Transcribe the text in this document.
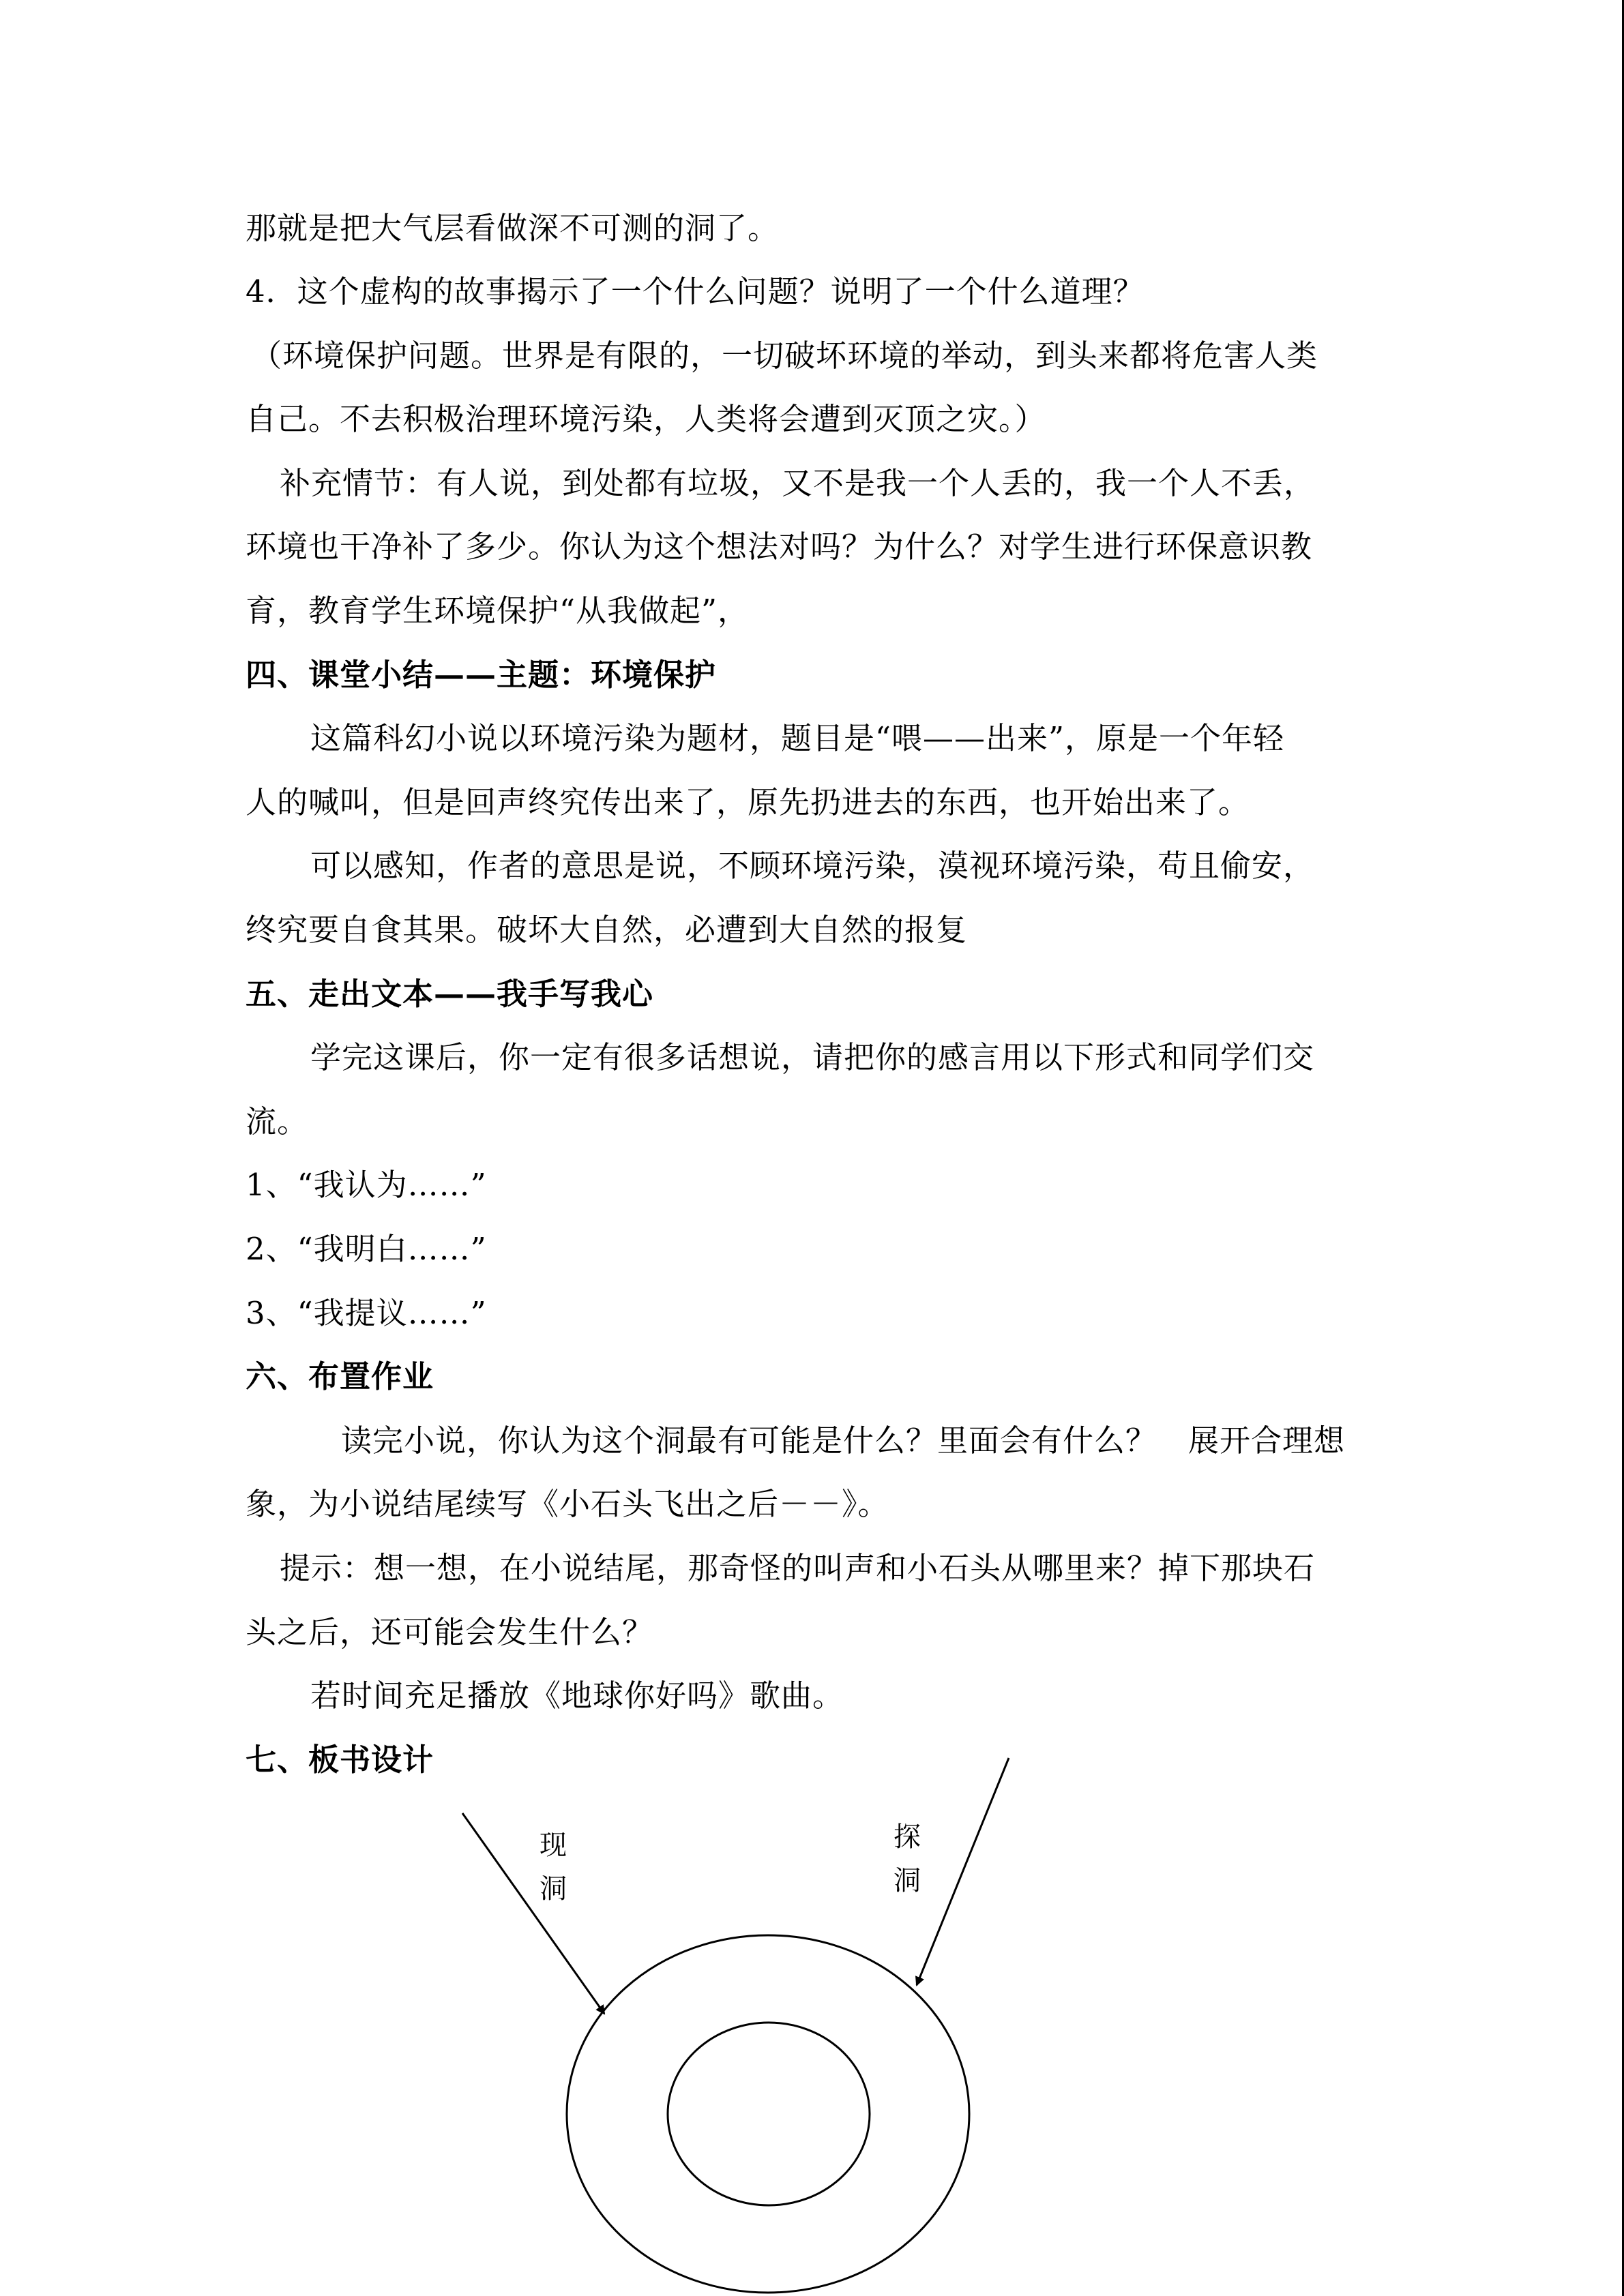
那就是把大气层看做深不可测的洞了。
4．这个虚构的故事揭示了一个什么问题？说明了一个什么道理？
（环境保护问题。世界是有限的，一切破坏环境的举动，到头来都将危害人类
自己。不去积极治理环境污染，人类将会遭到灭顶之灾。）
补充情节：有人说，到处都有垃圾，又不是我一个人丢的，我一个人不丢，
环境也干净补了多少。你认为这个想法对吗？为什么？对学生进行环保意识教
育，教育学生环境保护“从我做起”，
四、课堂小结——主题：环境保护
这篇科幻小说以环境污染为题材，题目是“喂——出来”，原是一个年轻
人的喊叫，但是回声终究传出来了，原先扔进去的东西，也开始出来了。
可以感知，作者的意思是说，不顾环境污染，漠视环境污染，苟且偷安，
终究要自食其果。破坏大自然，必遭到大自然的报复
五、走出文本——我手写我心
学完这课后，你一定有很多话想说，请把你的感言用以下形式和同学们交
流。
1、“我认为……”
2、“我明白……”
3、“我提议……”
六、布置作业
读完小说，你认为这个洞最有可能是什么？里面会有什么？　展开合理想
象，为小说结尾续写《小石头飞出之后－－》。
提示：想一想，在小说结尾，那奇怪的叫声和小石头从哪里来？掉下那块石
头之后，还可能会发生什么？
若时间充足播放《地球你好吗》歌曲。
七、板书设计
现
洞
探
洞
